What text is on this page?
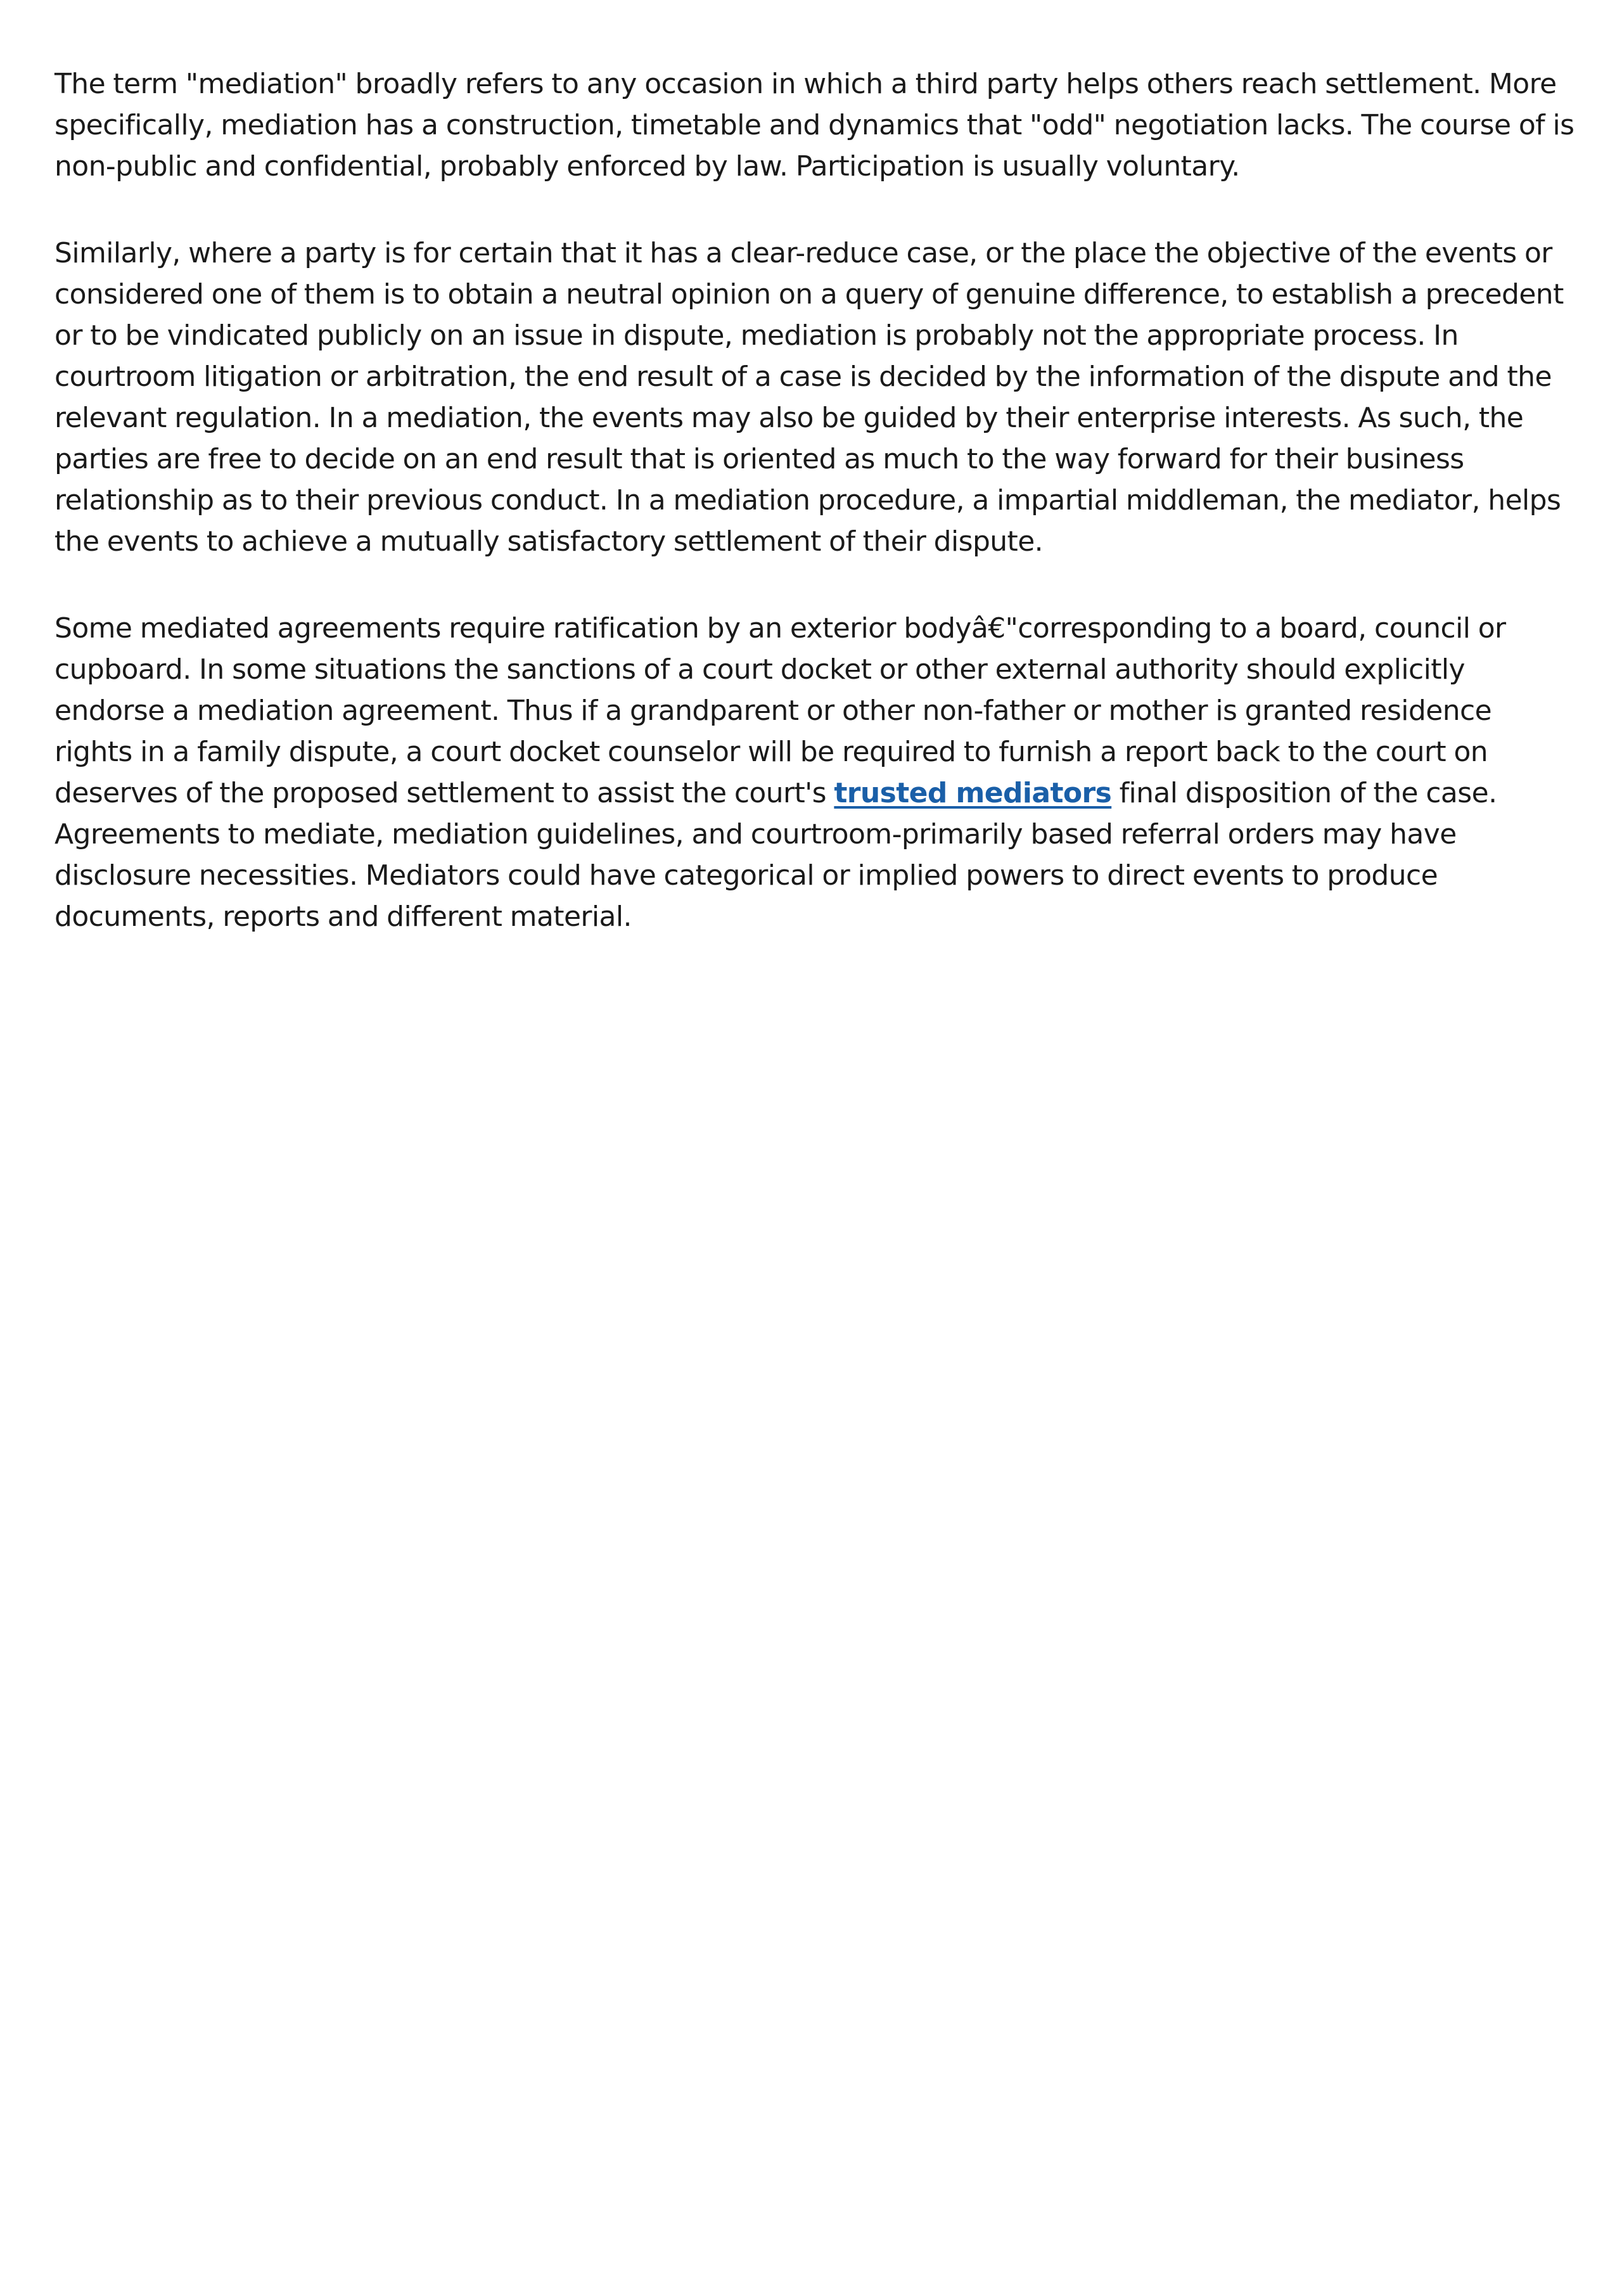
The term "mediation" broadly refers to any occasion in which a third party helps others reach settlement. More specifically, mediation has a construction, timetable and dynamics that "odd" negotiation lacks. The course of is non-public and confidential, probably enforced by law. Participation is usually voluntary.

Similarly, where a party is for certain that it has a clear-reduce case, or the place the objective of the events or considered one of them is to obtain a neutral opinion on a query of genuine difference, to establish a precedent or to be vindicated publicly on an issue in dispute, mediation is probably not the appropriate process. In courtroom litigation or arbitration, the end result of a case is decided by the information of the dispute and the relevant regulation. In a mediation, the events may also be guided by their enterprise interests. As such, the parties are free to decide on an end result that is oriented as much to the way forward for their business relationship as to their previous conduct. In a mediation procedure, a impartial middleman, the mediator, helps the events to achieve a mutually satisfactory settlement of their dispute.

Some mediated agreements require ratification by an exterior bodyâ€"corresponding to a board, council or cupboard. In some situations the sanctions of a court docket or other external authority should explicitly endorse a mediation agreement. Thus if a grandparent or other non-father or mother is granted residence rights in a family dispute, a court docket counselor will be required to furnish a report back to the court on deserves of the proposed settlement to assist the court's trusted mediators final disposition of the case. Agreements to mediate, mediation guidelines, and courtroom-primarily based referral orders may have disclosure necessities. Mediators could have categorical or implied powers to direct events to produce documents, reports and different material.
